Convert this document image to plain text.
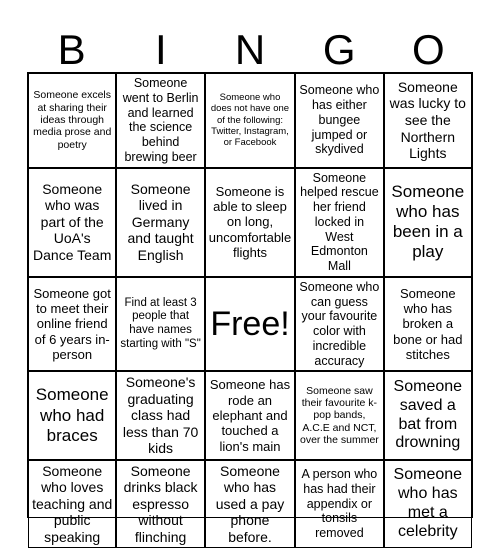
B	I	N	G	O
Someone excels at sharing their ideas through media prose and poetry
Someone went to Berlin and learned the science behind brewing beer
Someone who does not have one of the following: Twitter, Instagram, or Facebook
Someone who has either bungee jumped or skydived
Someone was lucky to see the Northern Lights
Someone who was part of the UoA's Dance Team
Someone lived in Germany and taught English
Someone is able to sleep on long, uncomfortable flights
Someone helped rescue her friend locked in West Edmonton Mall
Someone who has been in a play
Someone got to meet their online friend of 6 years in-person
Find at least 3 people that have names starting with "S"
Free!
Someone who can guess your favourite color with incredible accuracy
Someone who has broken a bone or had stitches
Someone who had braces
Someone's graduating class had less than 70 kids
Someone has rode an elephant and touched a lion's main
Someone saw their favourite k-pop bands, A.C.E and NCT, over the summer
Someone saved a bat from drowning
Someone who loves teaching and public speaking
Someone drinks black espresso without flinching
Someone who has used a pay phone before.
A person who has had their appendix or tonsils removed
Someone who has met a celebrity
